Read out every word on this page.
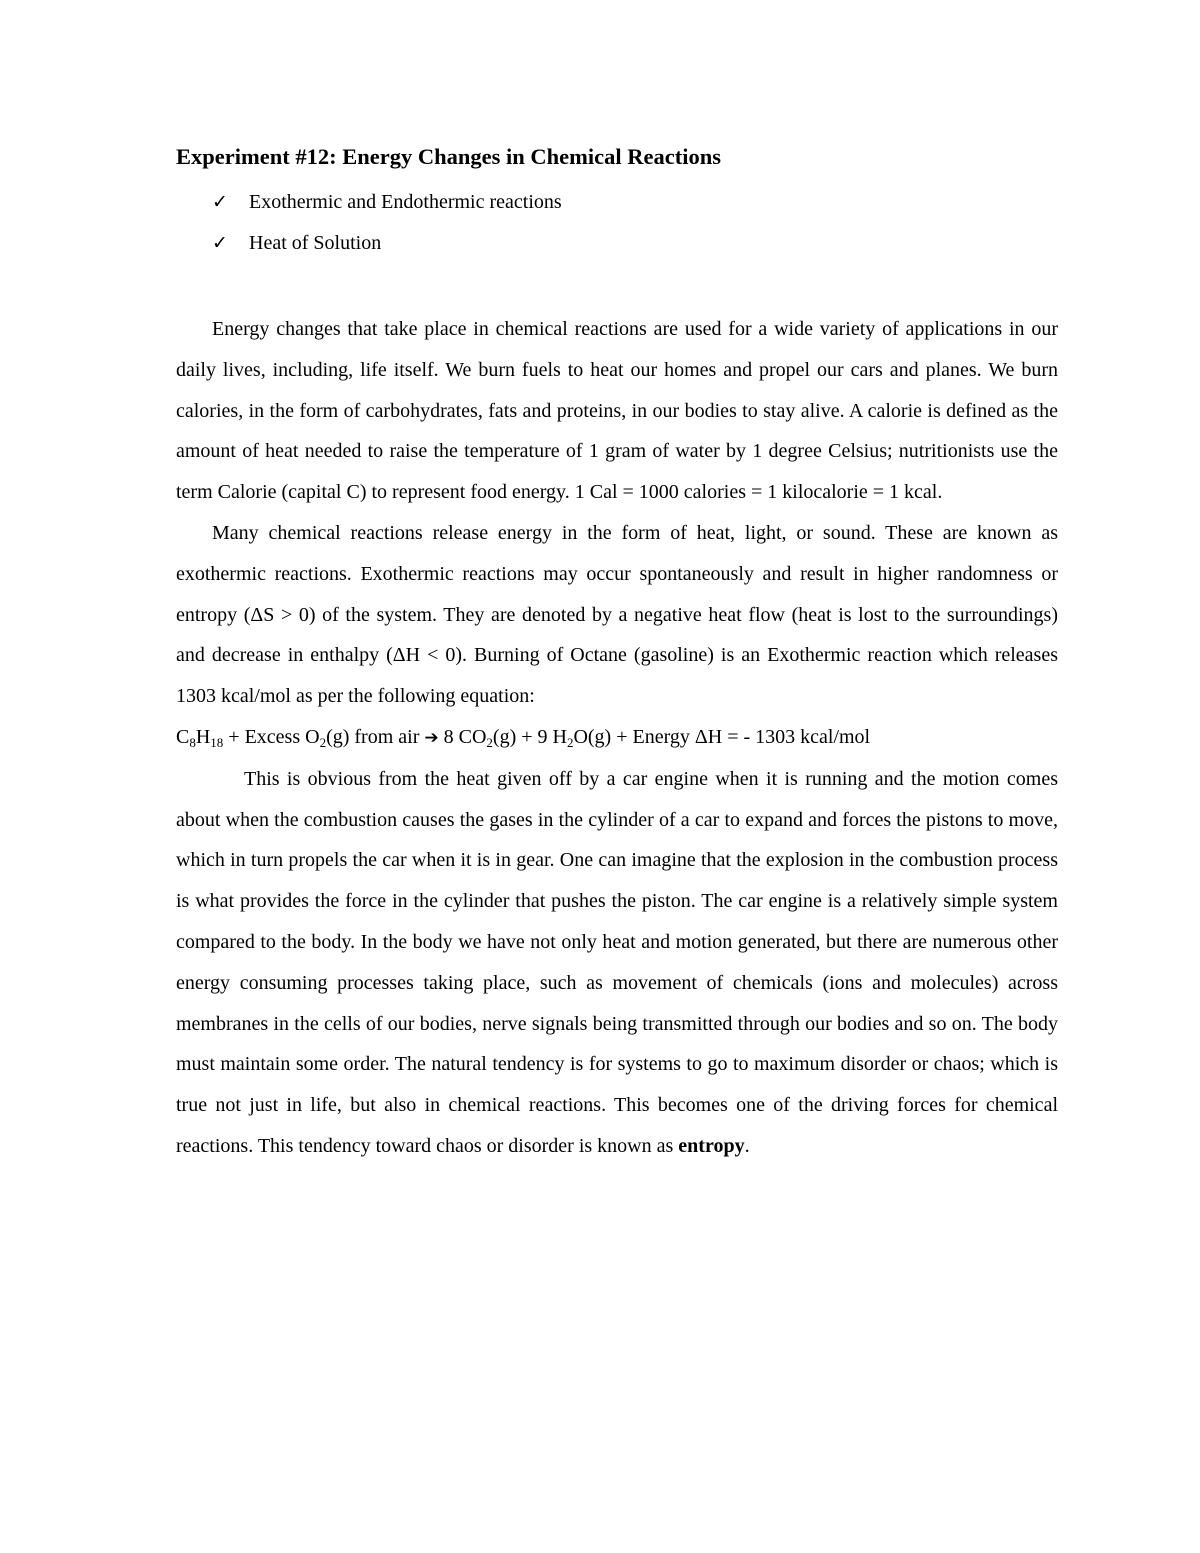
Experiment #12: Energy Changes in Chemical Reactions
✓	Exothermic and Endothermic reactions
✓	Heat of Solution

Energy changes that take place in chemical reactions are used for a wide variety of applications in our daily lives, including, life itself. We burn fuels to heat our homes and propel our cars and planes. We burn calories, in the form of carbohydrates, fats and proteins, in our bodies to stay alive. A calorie is defined as the amount of heat needed to raise the temperature of 1 gram of water by 1 degree Celsius; nutritionists use the term Calorie (capital C) to represent food energy. 1 Cal = 1000 calories = 1 kilocalorie = 1 kcal.

Many chemical reactions release energy in the form of heat, light, or sound. These are known as exothermic reactions. Exothermic reactions may occur spontaneously and result in higher randomness or entropy (ΔS > 0) of the system. They are denoted by a negative heat flow (heat is lost to the surroundings) and decrease in enthalpy (ΔH < 0). Burning of Octane (gasoline) is an Exothermic reaction which releases 1303 kcal/mol as per the following equation:

$C_8H_{18}$ + Excess $O_2(g)$ from air ➔ 8 $CO_2(g) + 9$ $H_2O(g)$ + Energy ΔH = - 1303 kcal/mol

This is obvious from the heat given off by a car engine when it is running and the motion comes about when the combustion causes the gases in the cylinder of a car to expand and forces the pistons to move, which in turn propels the car when it is in gear. One can imagine that the explosion in the combustion process is what provides the force in the cylinder that pushes the piston. The car engine is a relatively simple system compared to the body. In the body we have not only heat and motion generated, but there are numerous other energy consuming processes taking place, such as movement of chemicals (ions and molecules) across membranes in the cells of our bodies, nerve signals being transmitted through our bodies and so on. The body must maintain some order. The natural tendency is for systems to go to maximum disorder or chaos; which is true not just in life, but also in chemical reactions. This becomes one of the driving forces for chemical reactions. This tendency toward chaos or disorder is known as entropy.
